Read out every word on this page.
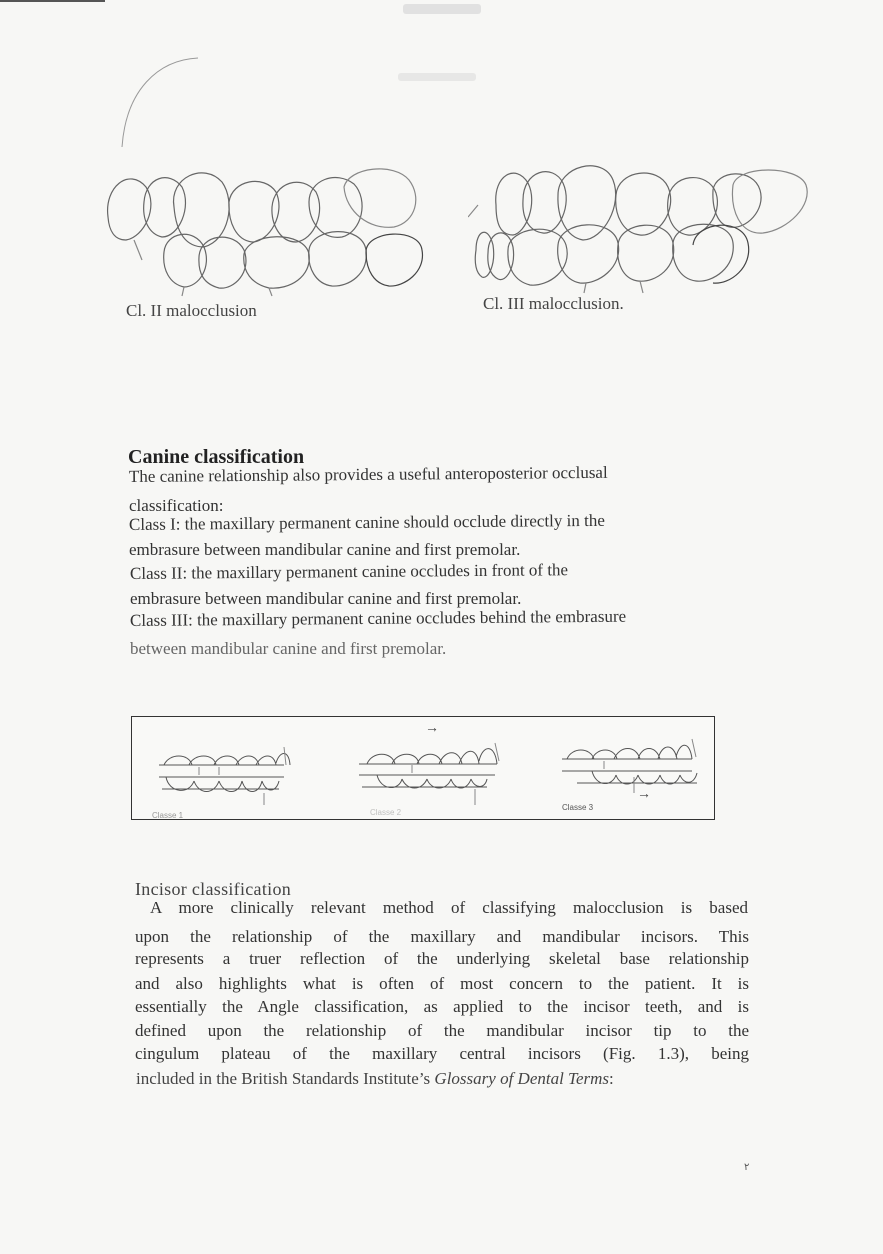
Cl. II malocclusion	Cl. III malocclusion.
Canine classification
The canine relationship also provides a useful anteroposterior occlusal
classification:
Class I: the maxillary permanent canine should occlude directly in the
embrasure between mandibular canine and first premolar.
Class II: the maxillary permanent canine occludes in front of the
embrasure between mandibular canine and first premolar.
Class III: the maxillary permanent canine occludes behind the embrasure
between mandibular canine and first premolar.
→
→
Classe 1	Classe 2
Classe 3
Incisor classification
A more clinically relevant method of classifying malocclusion is based
upon the relationship of the maxillary and mandibular incisors. This
represents a truer reflection of the underlying skeletal base relationship
and also highlights what is often of most concern to the patient. It is
essentially the Angle classification, as applied to the incisor teeth, and is
defined upon the relationship of the mandibular incisor tip to the
cingulum plateau of the maxillary central incisors (Fig. 1.3), being
included in the British Standards Institute’s Glossary of Dental Terms:
۲
